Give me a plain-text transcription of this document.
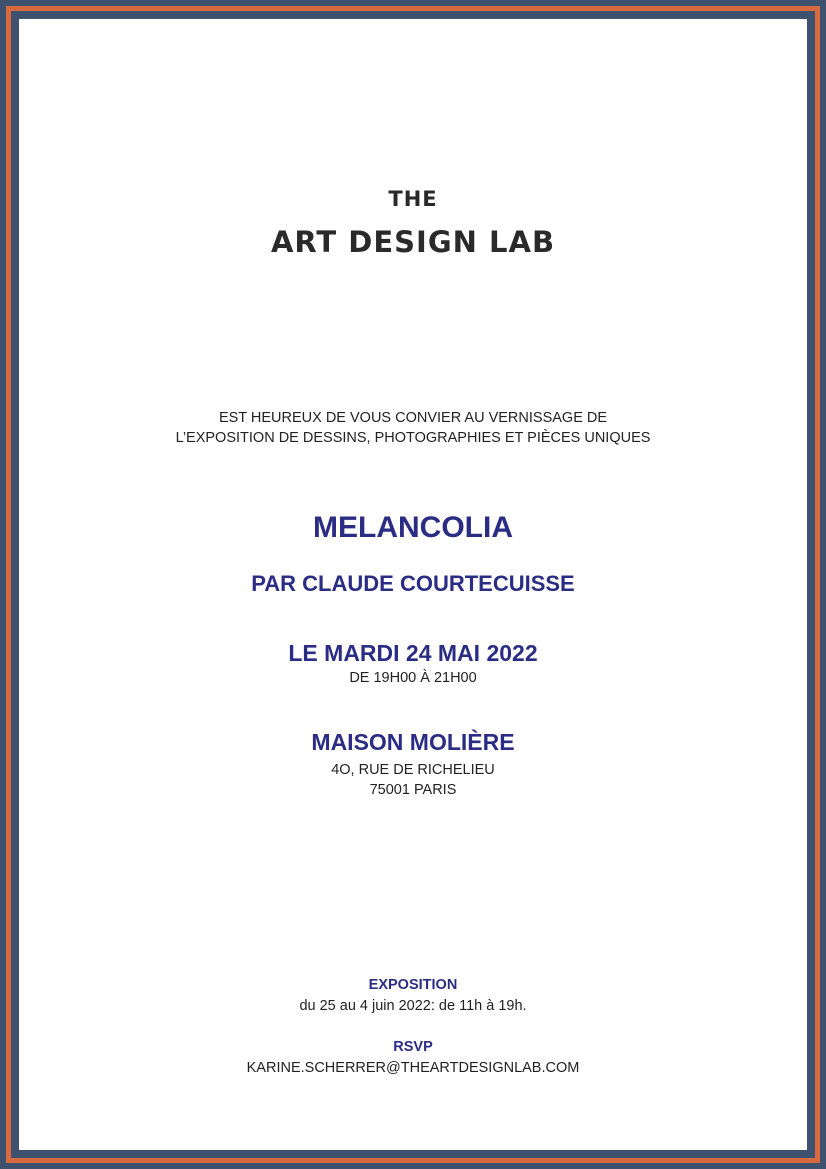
THE
ART DESIGN LAB
EST HEUREUX DE VOUS CONVIER AU VERNISSAGE DE
L’EXPOSITION DE DESSINS, PHOTOGRAPHIES ET PIÈCES UNIQUES
MELANCOLIA
PAR CLAUDE COURTECUISSE
LE MARDI 24 MAI 2022
DE 19H00 À 21H00
MAISON MOLIÈRE
4O, RUE DE RICHELIEU
75001 PARIS
EXPOSITION
du 25 au 4 juin 2022: de 11h à 19h.
RSVP
KARINE.SCHERRER@THEARTDESIGNLAB.COM
